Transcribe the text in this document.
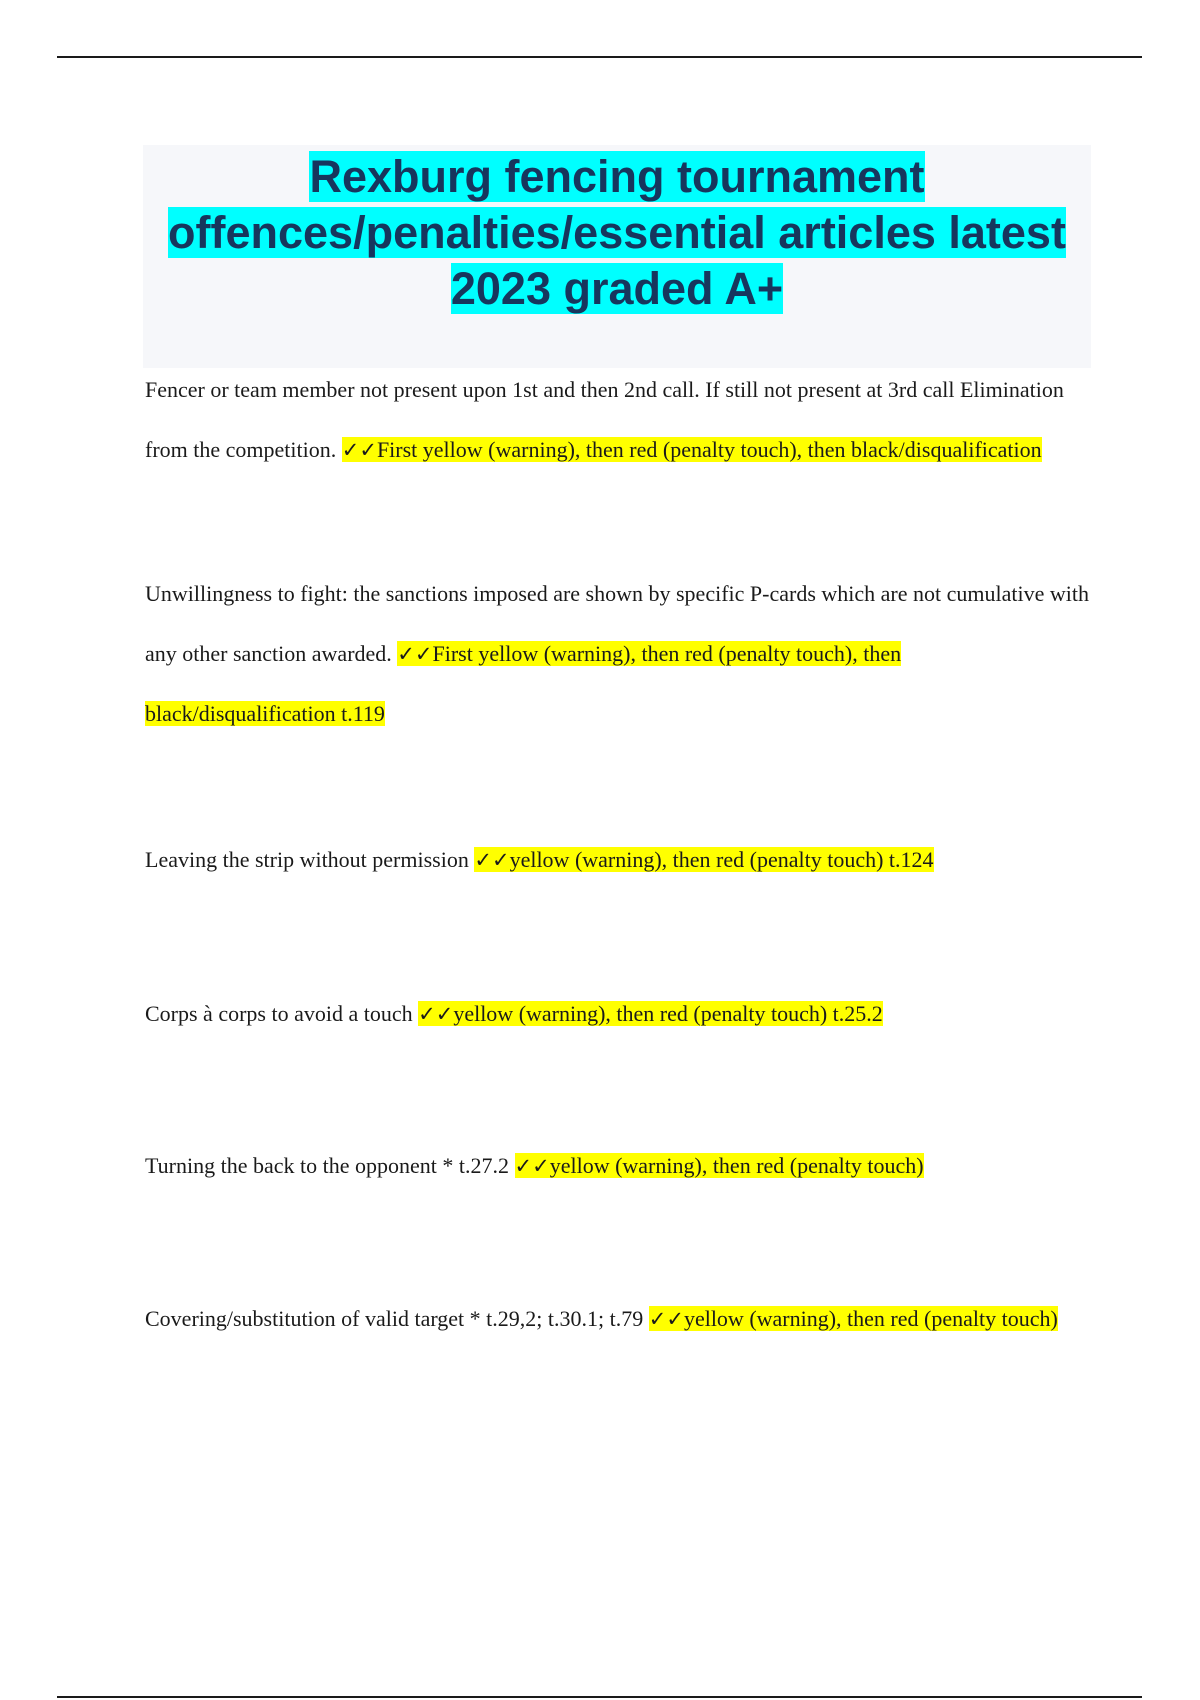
Rexburg fencing tournament offences/penalties/essential articles latest 2023 graded A+

Fencer or team member not present upon 1st and then 2nd call. If still not present at 3rd call Elimination from the competition. ✓✓First yellow (warning), then red (penalty touch), then black/disqualification

Unwillingness to fight: the sanctions imposed are shown by specific P-cards which are not cumulative with any other sanction awarded. ✓✓First yellow (warning), then red (penalty touch), then black/disqualification t.119

Leaving the strip without permission ✓✓yellow (warning), then red (penalty touch) t.124

Corps à corps to avoid a touch ✓✓yellow (warning), then red (penalty touch) t.25.2

Turning the back to the opponent * t.27.2 ✓✓yellow (warning), then red (penalty touch)

Covering/substitution of valid target * t.29,2; t.30.1; t.79 ✓✓yellow (warning), then red (penalty touch)
